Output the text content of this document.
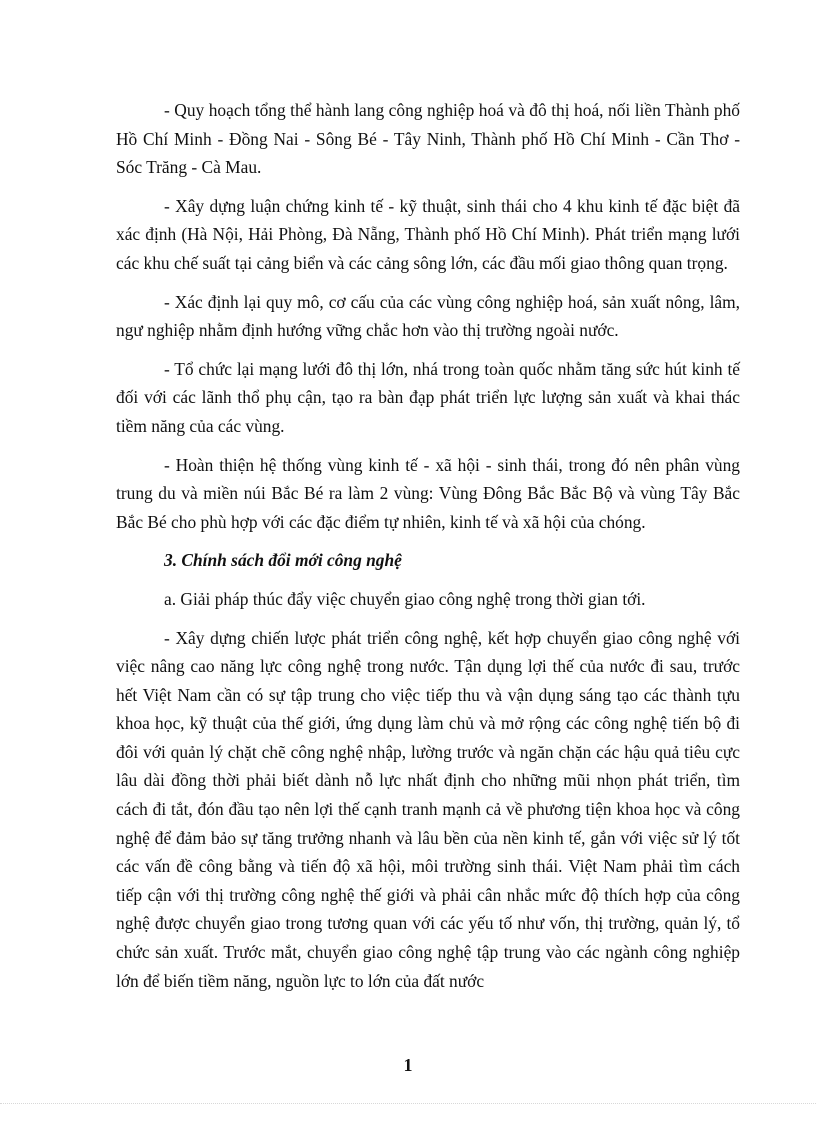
- Quy hoạch tổng thể hành lang công nghiệp hoá và đô thị hoá, nối liền Thành phố Hồ Chí Minh - Đồng Nai - Sông Bé - Tây Ninh, Thành phố Hồ Chí Minh - Cần Thơ - Sóc Trăng - Cà Mau.

- Xây dựng luận chứng kinh tế - kỹ thuật, sinh thái cho 4 khu kinh tế đặc biệt đã xác định (Hà Nội, Hải Phòng, Đà Nẵng, Thành phố Hồ Chí Minh). Phát triển mạng lưới các khu chế suất tại cảng biển và các cảng sông lớn, các đầu mối giao thông quan trọng.

- Xác định lại quy mô, cơ cấu của các vùng công nghiệp hoá, sản xuất nông, lâm, ngư nghiệp nhằm định hướng vững chắc hơn vào thị trường ngoài nước.

- Tổ chức lại mạng lưới đô thị lớn, nhá trong toàn quốc nhằm tăng sức hút kinh tế đối với các lãnh thổ phụ cận, tạo ra bàn đạp phát triển lực lượng sản xuất và khai thác tiềm năng của các vùng.

- Hoàn thiện hệ thống vùng kinh tế - xã hội - sinh thái, trong đó nên phân vùng trung du và miền núi Bắc Bé ra làm 2 vùng: Vùng Đông Bắc Bắc Bộ và vùng Tây Bắc Bắc Bé cho phù hợp với các đặc điểm tự nhiên, kinh tế và xã hội của chóng.

3. Chính sách đổi mới công nghệ

a. Giải pháp thúc đẩy việc chuyển giao công nghệ trong thời gian tới.

- Xây dựng chiến lược phát triển công nghệ, kết hợp chuyển giao công nghệ với việc nâng cao năng lực công nghệ trong nước. Tận dụng lợi thế của nước đi sau, trước hết Việt Nam cần có sự tập trung cho việc tiếp thu và vận dụng sáng tạo các thành tựu khoa học, kỹ thuật của thế giới, ứng dụng làm chủ và mở rộng các công nghệ tiến bộ đi đôi với quản lý chặt chẽ công nghệ nhập, lường trước và ngăn chặn các hậu quả tiêu cực lâu dài đồng thời phải biết dành nỗ lực nhất định cho những mũi nhọn phát triển, tìm cách đi tắt, đón đầu tạo nên lợi thế cạnh tranh mạnh cả về phương tiện khoa học và công nghệ để đảm bảo sự tăng trưởng nhanh và lâu bền của nền kinh tế, gắn với việc sử lý tốt các vấn đề công bằng và tiến độ xã hội, môi trường sinh thái. Việt Nam phải tìm cách tiếp cận với thị trường công nghệ thế giới và phải cân nhắc mức độ thích hợp của công nghệ được chuyển giao trong tương quan với các yếu tố như vốn, thị trường, quản lý, tổ chức sản xuất. Trước mắt, chuyển giao công nghệ tập trung vào các ngành công nghiệp lớn để biến tiềm năng, nguồn lực to lớn của đất nước

1
